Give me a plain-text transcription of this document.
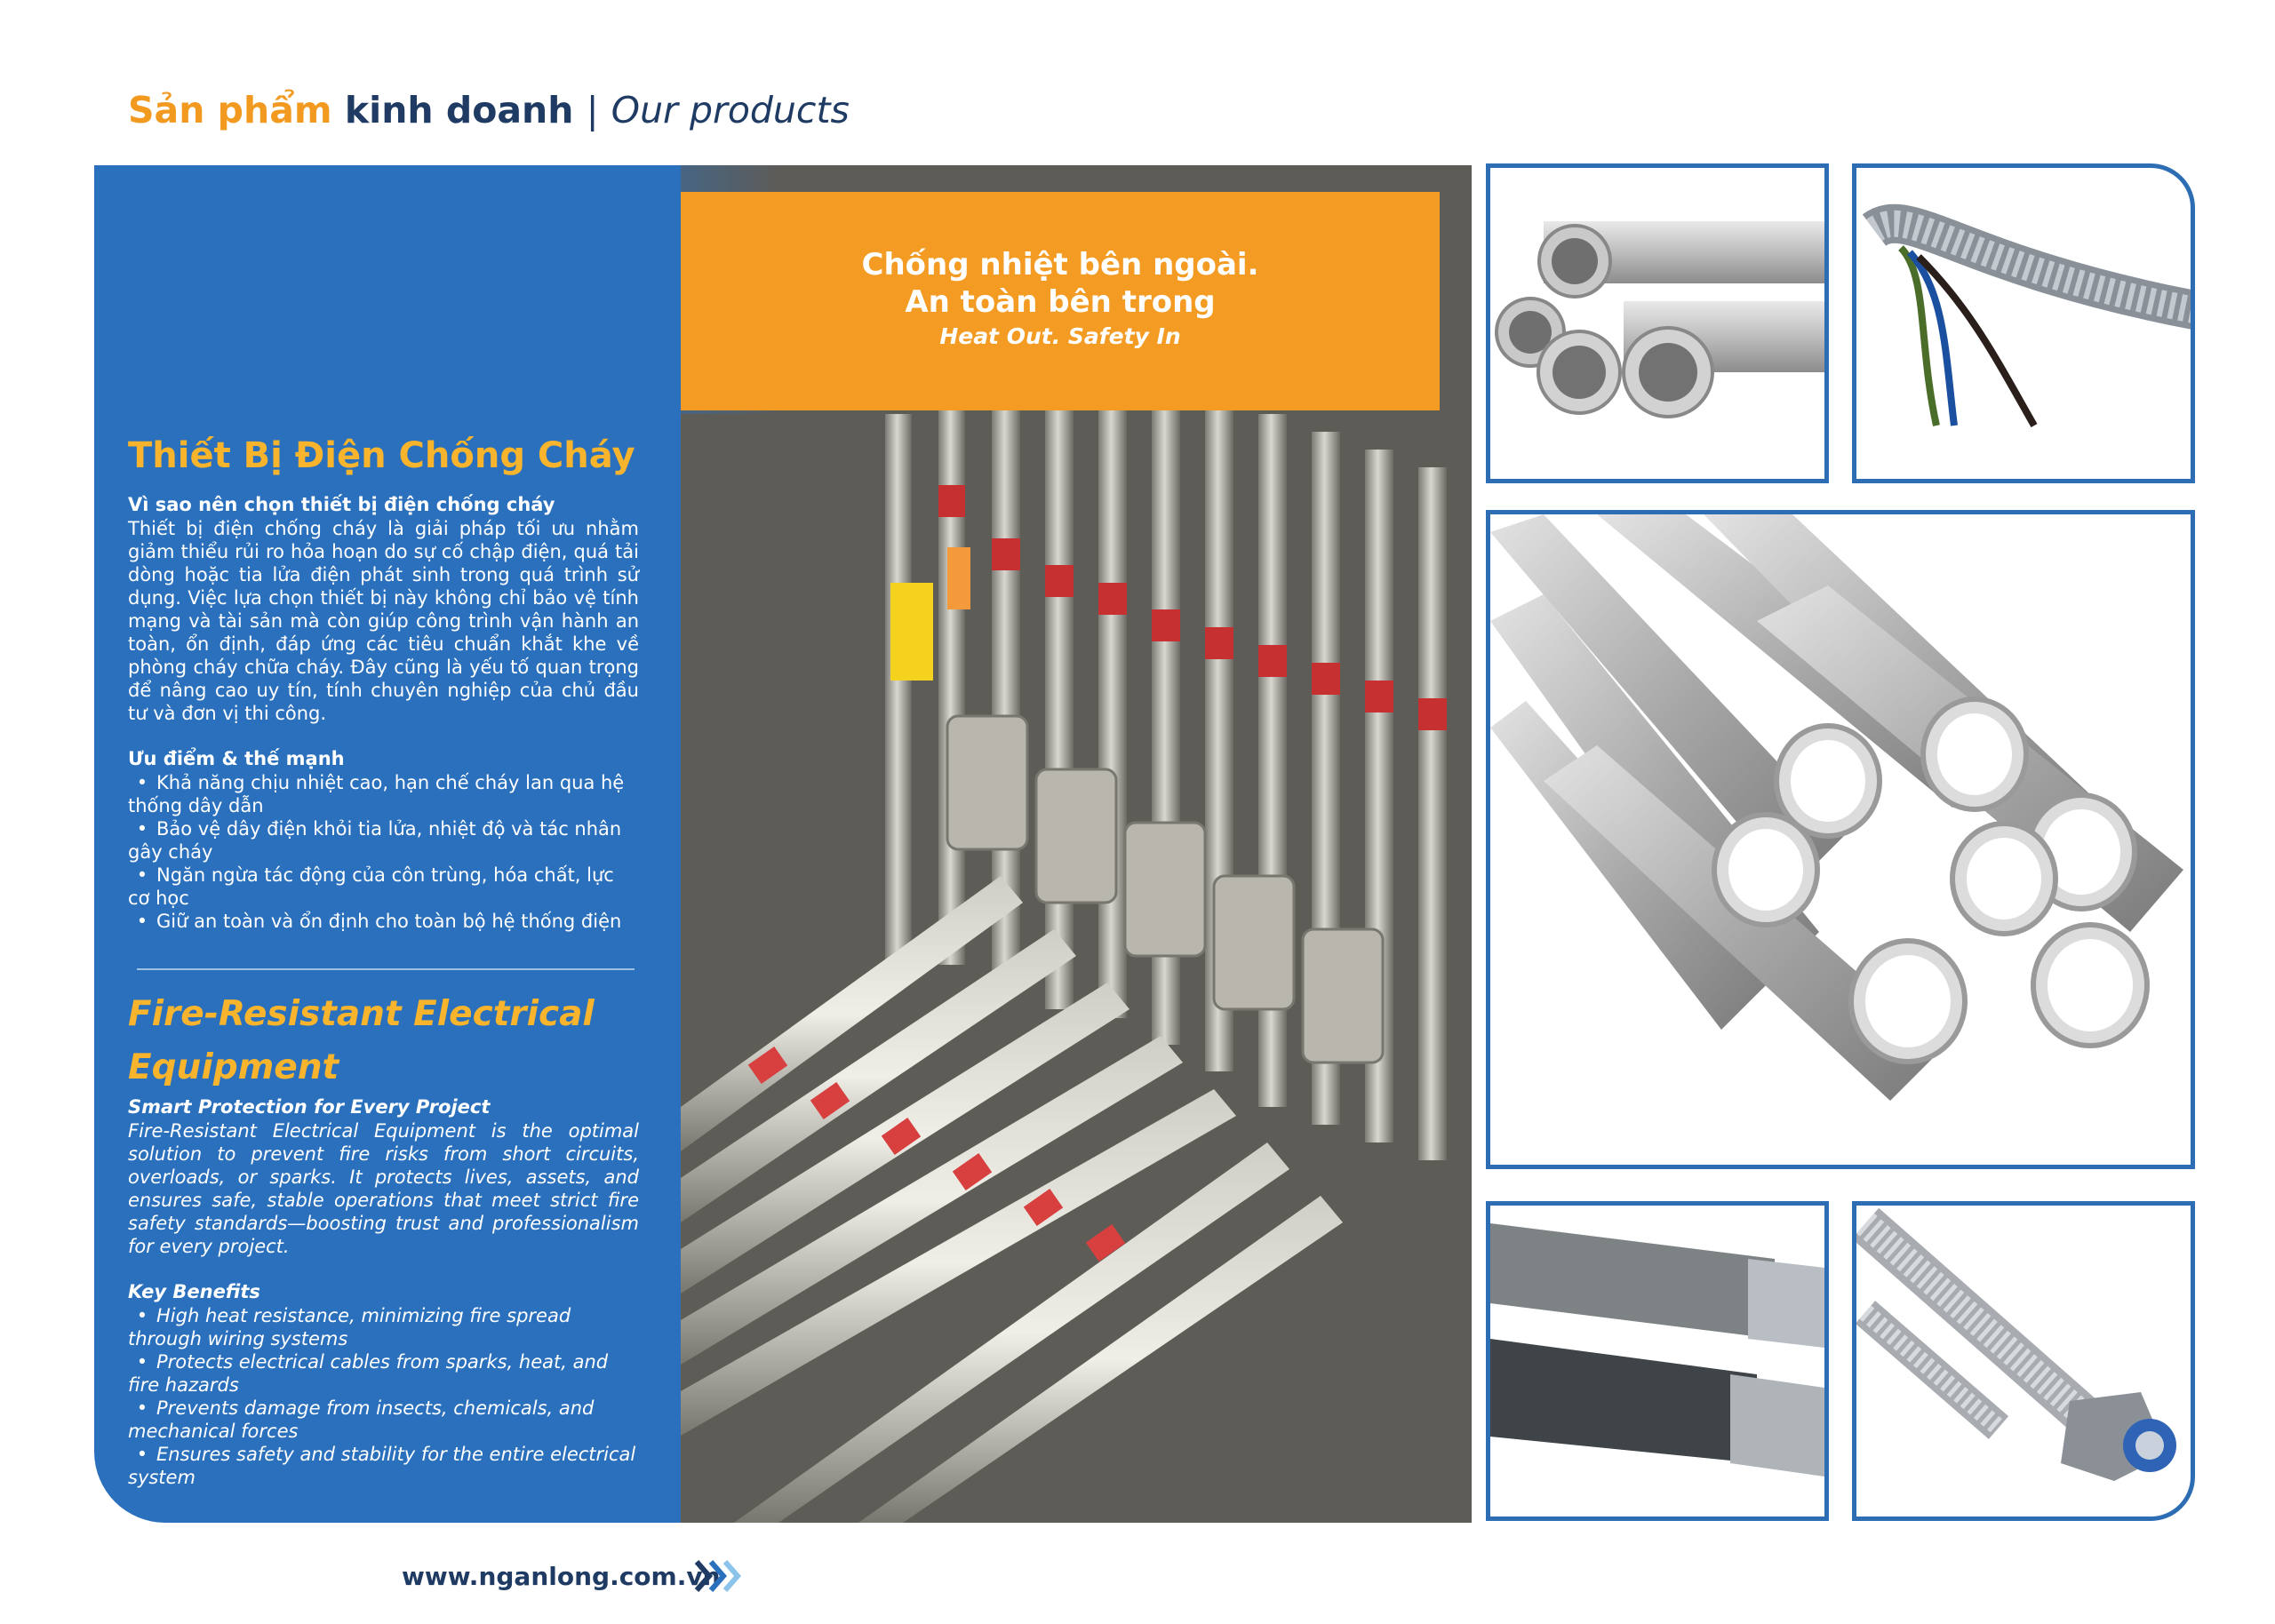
Sản phẩm kinh doanh | Our products
Chống nhiệt bên ngoài.
An toàn bên trong
Heat Out. Safety In
Thiết Bị Điện Chống Cháy
Vì sao nên chọn thiết bị điện chống cháy
Thiết bị điện chống cháy là giải pháp tối ưu nhằm giảm thiểu rủi ro hỏa hoạn do sự cố chập điện, quá tải dòng hoặc tia lửa điện phát sinh trong quá trình sử dụng. Việc lựa chọn thiết bị này không chỉ bảo vệ tính mạng và tài sản mà còn giúp công trình vận hành an toàn, ổn định, đáp ứng các tiêu chuẩn khắt khe về phòng cháy chữa cháy. Đây cũng là yếu tố quan trọng để nâng cao uy tín, tính chuyên nghiệp của chủ đầu tư và đơn vị thi công.
Ưu điểm & thế mạnh
• Khả năng chịu nhiệt cao, hạn chế cháy lan qua hệ thống dây dẫn
• Bảo vệ dây điện khỏi tia lửa, nhiệt độ và tác nhân gây cháy
• Ngăn ngừa tác động của côn trùng, hóa chất, lực cơ học
• Giữ an toàn và ổn định cho toàn bộ hệ thống điện
Fire-Resistant Electrical
Equipment
Smart Protection for Every Project
Fire-Resistant Electrical Equipment is the optimal solution to prevent fire risks from short circuits, overloads, or sparks. It protects lives, assets, and ensures safe, stable operations that meet strict fire safety standards—boosting trust and professionalism for every project.
Key Benefits
• High heat resistance, minimizing fire spread through wiring systems
• Protects electrical cables from sparks, heat, and fire hazards
• Prevents damage from insects, chemicals, and mechanical forces
• Ensures safety and stability for the entire electrical system
www.nganlong.com.vn
